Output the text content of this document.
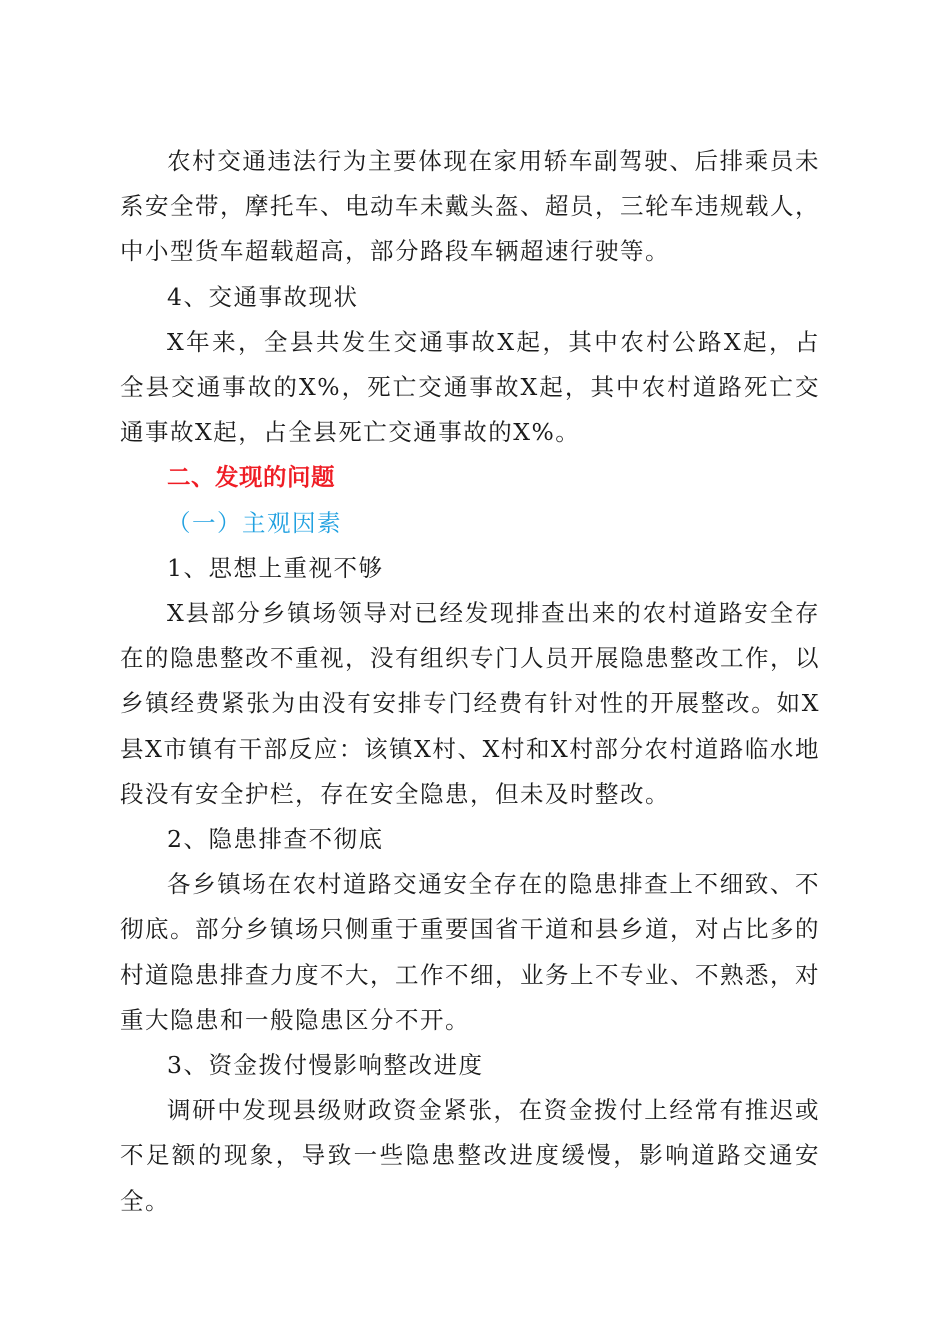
农村交通违法行为主要体现在家用轿车副驾驶、后排乘员未系安全带，摩托车、电动车未戴头盔、超员，三轮车违规载人，中小型货车超载超高，部分路段车辆超速行驶等。

4、交通事故现状

X年来，全县共发生交通事故X起，其中农村公路X起，占全县交通事故的X%，死亡交通事故X起，其中农村道路死亡交通事故X起，占全县死亡交通事故的X%。

二、发现的问题

（一）主观因素

1、思想上重视不够

X县部分乡镇场领导对已经发现排查出来的农村道路安全存在的隐患整改不重视，没有组织专门人员开展隐患整改工作，以乡镇经费紧张为由没有安排专门经费有针对性的开展整改。如X县X市镇有干部反应：该镇X村、X村和X村部分农村道路临水地段没有安全护栏，存在安全隐患，但未及时整改。

2、隐患排查不彻底

各乡镇场在农村道路交通安全存在的隐患排查上不细致、不彻底。部分乡镇场只侧重于重要国省干道和县乡道，对占比多的村道隐患排查力度不大，工作不细，业务上不专业、不熟悉，对重大隐患和一般隐患区分不开。

3、资金拨付慢影响整改进度

调研中发现县级财政资金紧张，在资金拨付上经常有推迟或不足额的现象，导致一些隐患整改进度缓慢，影响道路交通安全。
